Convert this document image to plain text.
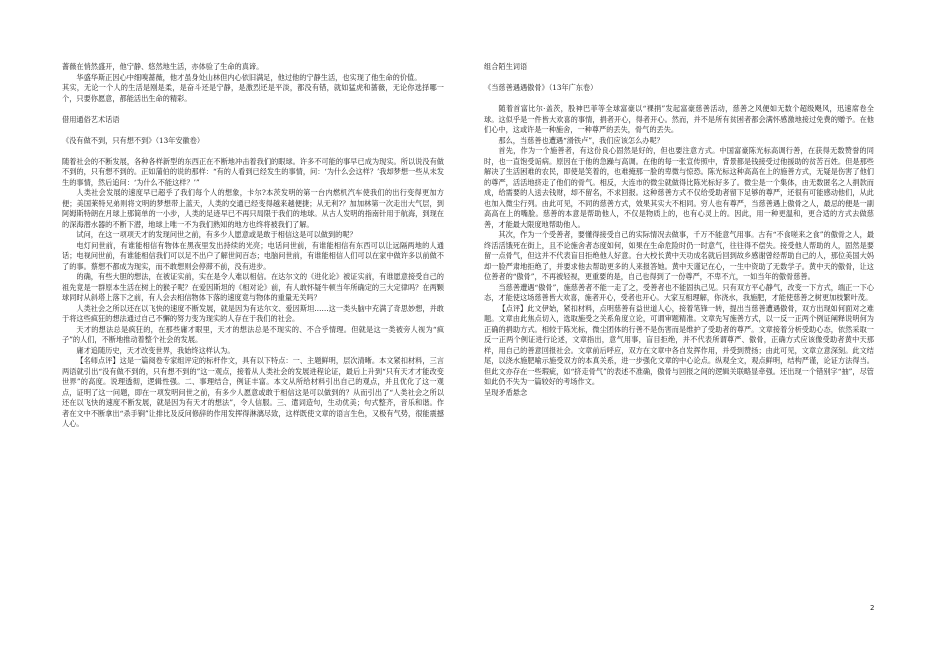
蔷薇在悄然盛开，他宁静、悠然地生活，亦体验了生命的真谛。

华盛华斯正因心中细嗅蔷薇，他才虽身处山林但内心依旧满足，他过他的宁静生活，也实现了他生命的价值。

其实，无论一个人的生活是刚是柔，是奋斗还是宁静，是激烈还是平淡，都没有错，就如猛虎和蔷薇，无论你选择哪一个，只要你愿意，都能活出生命的精彩。

借用通俗艺术话语

《没有做不到，只有想不到》（13年安徽卷）

随着社会的不断发展，各种各样新型的东西正在不断地冲击着我们的眼球。许多不可能的事早已成为现实。所以说没有做不到的，只有想不到的。正如蒲伯的说的那样：“有的人看到已经发生的事情，问：‘为什么会这样？’我却梦想一些从未发生的事情，然后追问：‘为什么不能这样？’”

人类社会发展的速度早已超乎了我们每个人的想象，卡尔?本茨发明的第一台内燃机汽车使我们的出行变得更加方便；美国莱特兄弟则将文明的梦想带上蓝天，人类的交通已经变得越来越便捷；从无利?？加加林第一次走出大气层，到阿姆斯特朗在月球上那简单的一小步，人类的足迹早已不再只局限于我们的地球。从古人发明的指南针用于航海，到现在的深海潜水器的不断下潜，地球上唯一不为我们熟知的地方也终将被我们了解。

试问，在这一项项天才的发现问世之前，有多少人愿意或是敢于相信这是可以做到的呢？

电灯问世前，有谁能相信有物体在黑夜里发出持续的光亮；电话问世前，有谁能相信有东西可以让远隔两地的人通话；电视问世前，有谁能相信我们可以足不出户了解世间百态；电脑问世前，有谁能相信人们可以在家中做许多以前做不了的事。蔡想不都成为现实，而不敢想则会停滞不前，没有进步。

的确，有些大胆的想法，在被证实前，实在是令人难以相信。在达尔文的《进化论》被证实前，有谁愿意接受自己的祖先竟是一群原本生活在树上的猴子呢？在爱因斯坦的《相对论》前，有人敢怀疑牛顿当年所确定的三大定律吗？在两颗球同时从斜塔上落下之前，有人会去相信物体下落的速度竟与物体的重量无关吗？

人类社会之所以还在以飞快的速度不断发展，就是因为有达尔文、爱因斯坦……这一类头脑中充满了奇思妙想，并敢于将这些疯狂的想法通过自己不懈的努力变为现实的人存在于我们的社会。

天才的想法总是疯狂的，在那些庸才眼里，天才的想法总是不现实的、不合乎情理。但就是这一类被旁人视为“疯子”的人们，不断地推动着整个社会的发展。

庸才追随历史，天才改变世界，我始终这样认为。

【名师点评】这是一篇阅卷专家组评定的标杆作文，具有以下特点：一、主题鲜明，层次清晰。本文紧扣材料，三言两语就引出“没有做不到的，只有想不到的”这一观点，接着从人类社会的发展进程论证，最后上升到“只有天才才能改变世界”的高度。说理透彻，逻辑性强。二、事理结合，例证丰富。本文从所给材料引出自己的观点，并且优化了这一观点，证明了这一问题，即在一项发明问世之前，有多少人愿意或敢于相信这是可以做到的？从而引出了“人类社会之所以还在以飞快的速度不断发展，就是因为有天才的想法”，令人信服。三、遣词造句，生动优美；句式整齐，音乐和谐。作者在文中不断拿出“杀手锏”让排比及反问修辞的作用发挥得淋漓尽致，这样既使文章的语言生色，又极有气势，很能震撼人心。

组合陌生词语

《当慈善遇遇傲骨》（13年广东卷）

随着首富比尔·盖茨，股神巴菲等全球富豪以“裸捐”发起富豪慈善活动，慈善之风便如无数个超级飓风，迅速席卷全球。这似乎是一件皆大欢喜的事情，捐者开心，得者开心。然而，并不是所有贫困者都会满怀感激地接过免费的赠予。在他们心中，这或许是一种施舍，一种尊严的丢失，骨气的丢失。

那么，当慈善也遭遇“滑铁卢”，我们应该怎么办呢？

首先，作为一个施善者，有这份良心固然是好的，但也要注意方式。中国富豪陈光标高调行善，在获得无数赞誉的同时，也一直饱受诟病。原因在于他的急躁与高调。在他的每一张宣传照中，背景都是钱接受过他援助的贫苦百姓。但是那些解决了生活困难的农民，即使是笑着的，也难掩那一脸的卑微与惊恐。陈光标这种高高在上的施善方式，无疑是伤害了他们的尊严，活活地挤走了他们的骨气。相反，大连市的微尘就做得比陈光标好多了。微尘是一个集体，由无数匿名之人捐款而成，给需要的人送去钱财，却不留名，不求回报。这种慈善方式不仅给受助者留下足够的尊严，还很有可能感动他们，从此也加入微尘行列。由此可见，不同的慈善方式，效果其实大不相同。穷人也有尊严，当慈善遇上傲骨之人，最忌的便是一副高高在上的嘴脸。慈善的本意是帮助他人，不仅是物质上的，也有心灵上的。因此，用一种更温和，更合适的方式去做慈善，才能最大限度地帮助他人。

其次，作为一个受善者，要懂得接受自己的实际情况去做事，千万不能意气用事。古有“不食嗟来之食”的傲骨之人，最终活活饿死在街上，且不论施舍者态度如何，如果在生命危险时仍一时意气，往往得不偿失。接受他人帮助的人，固然是要留一点骨气，但这并不代表盲目拒绝他人好意。台大校长黄中天功成名就后回到故乡感谢曾经帮助自己的人，那位美国大妈却一脸严肃地拒绝了，并要求他去帮助更多的人来报答她。黄中天谨记在心，一生中资助了无数学子。黄中天的傲骨，让这位善者的“傲骨”，不再被轻视，更重要的是，自己也得到了一份尊严，不卑不亢，一如当年的傲骨慈善。

当慈善遭遇“傲骨”，施慈善者不能一走了之，受善者也不能固执己见。只有双方平心静气，改变一下方式，端正一下心态，才能使这场慈善皆大欢喜，施者开心，受者也开心。大家互相理解，你浇水，我施肥，才能使慈善之树更加枝繁叶茂。

【点评】此文伊始，紧扣材料，点明慈善有益世道人心，接着笔锋一转，提出当慈善遭遇傲骨，双方出现如何面对之难题。文章由此焦点切入，选取施受之关系角度立论，可谓审题精准。文章先写施善方式，以一反一正两个例证阐释说明何为正确的捐助方式。相较于陈光标，微尘团体的行善不是伤害而是维护了受助者的尊严。文章接着分析受助心态，依然采取一反一正两个例证进行论述，文章指出，意气用事，盲目拒绝，并不代表所谓尊严、傲骨，正确方式应该像受助者黄中天那样，用自己的善意回报社会。文章前后呼应，双方在文章中各自发挥作用，并受到赞扬；由此可见，文章立意深刻。此文结尾，以浇水施肥喻示施受双方的本真关系，进一步强化文章的中心论点。纵观全文，观点鲜明，结构严谨，论证方法得当。但此文亦存在一些瑕疵，如“挤走骨气”的表述不准确，傲骨与回报之间的逻辑关联略显牵强。还出现一个错别字“抽”，尽管如此仍不失为一篇较好的考场作文。

呈现矛盾悬念

2
